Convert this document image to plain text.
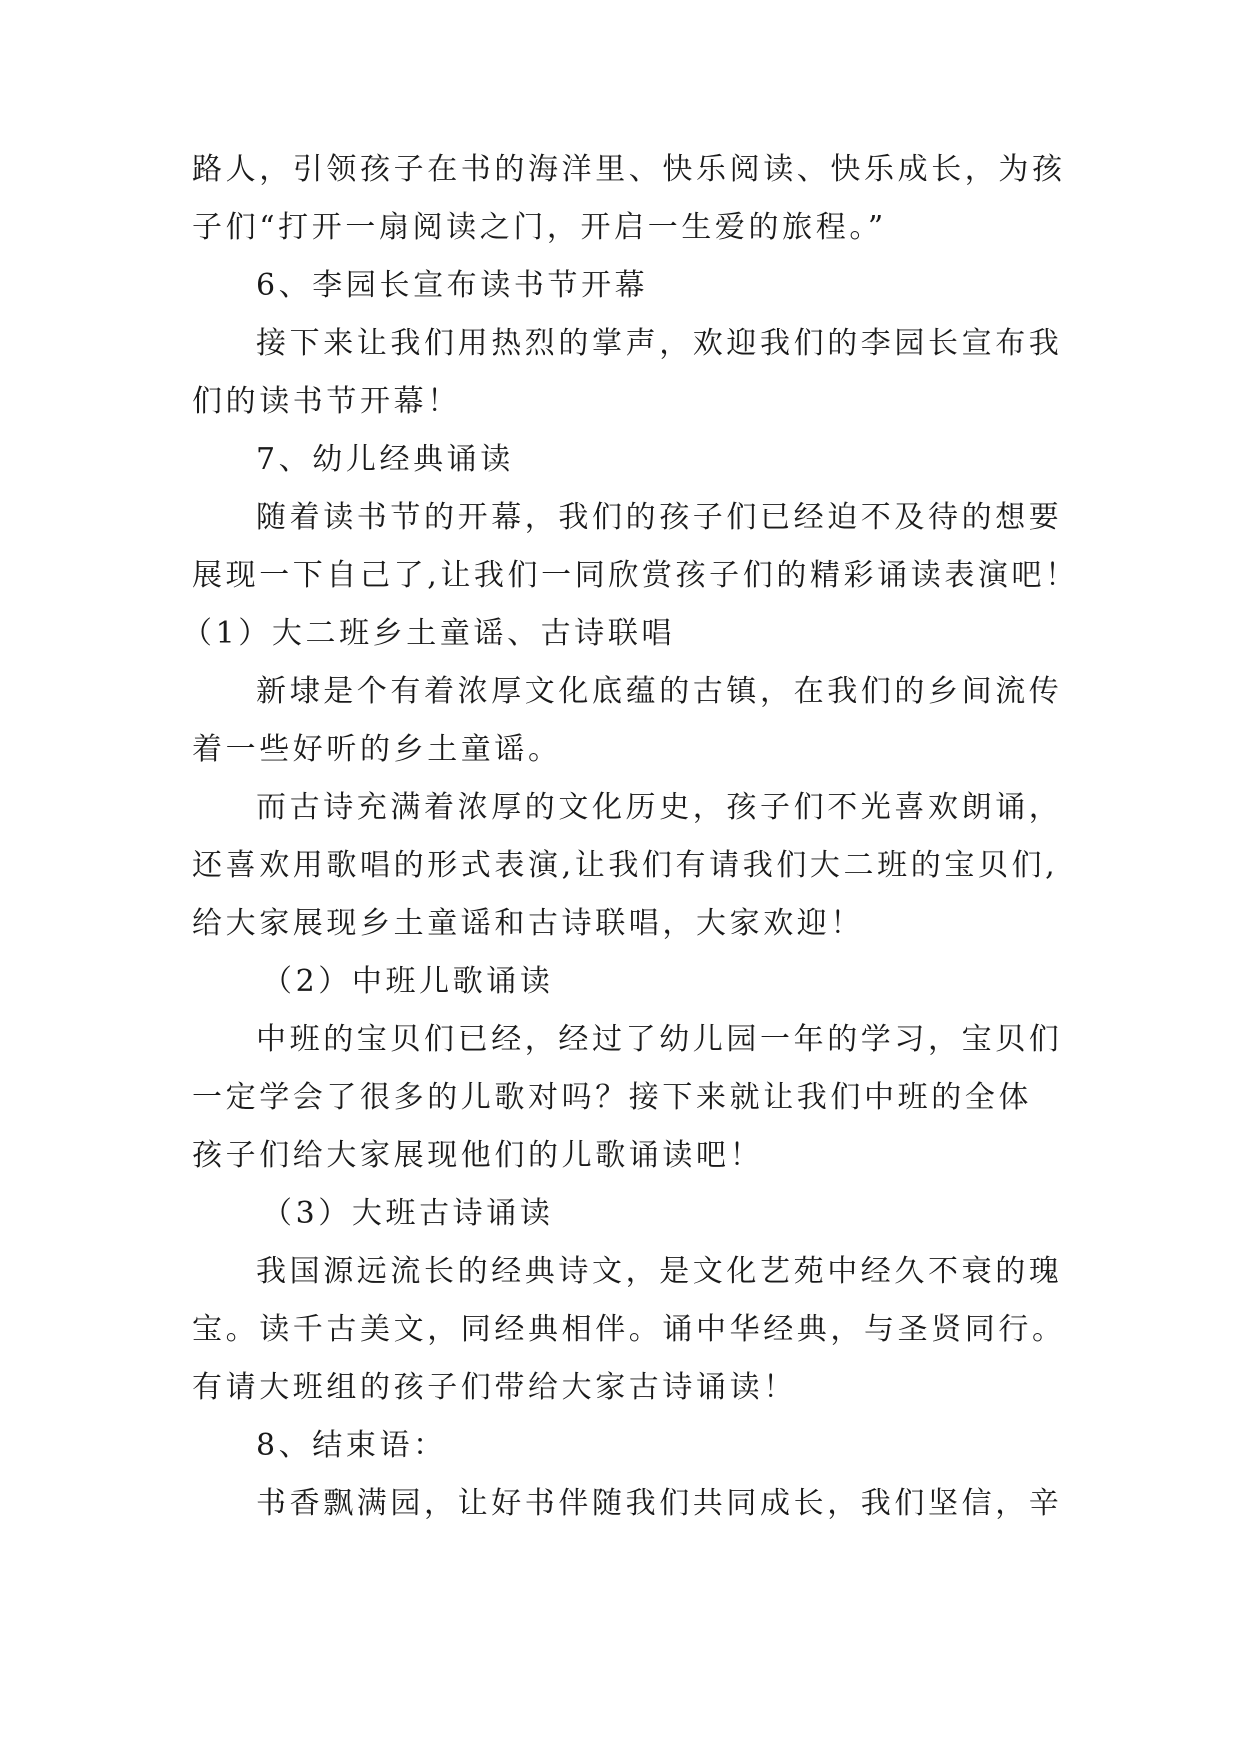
路人，引领孩子在书的海洋里、快乐阅读、快乐成长，为孩
子们“打开一扇阅读之门，开启一生爱的旅程。”
6、李园长宣布读书节开幕
接下来让我们用热烈的掌声，欢迎我们的李园长宣布我
们的读书节开幕！
7、幼儿经典诵读
随着读书节的开幕，我们的孩子们已经迫不及待的想要
展现一下自己了,让我们一同欣赏孩子们的精彩诵读表演吧！
（1）大二班乡土童谣、古诗联唱
新埭是个有着浓厚文化底蕴的古镇，在我们的乡间流传
着一些好听的乡土童谣。
而古诗充满着浓厚的文化历史，孩子们不光喜欢朗诵，
还喜欢用歌唱的形式表演,让我们有请我们大二班的宝贝们,
给大家展现乡土童谣和古诗联唱，大家欢迎！
（2）中班儿歌诵读
中班的宝贝们已经，经过了幼儿园一年的学习，宝贝们
一定学会了很多的儿歌对吗？接下来就让我们中班的全体
孩子们给大家展现他们的儿歌诵读吧！
（3）大班古诗诵读
我国源远流长的经典诗文，是文化艺苑中经久不衰的瑰
宝。读千古美文，同经典相伴。诵中华经典，与圣贤同行。
有请大班组的孩子们带给大家古诗诵读！
8、结束语：
书香飘满园，让好书伴随我们共同成长，我们坚信，辛
